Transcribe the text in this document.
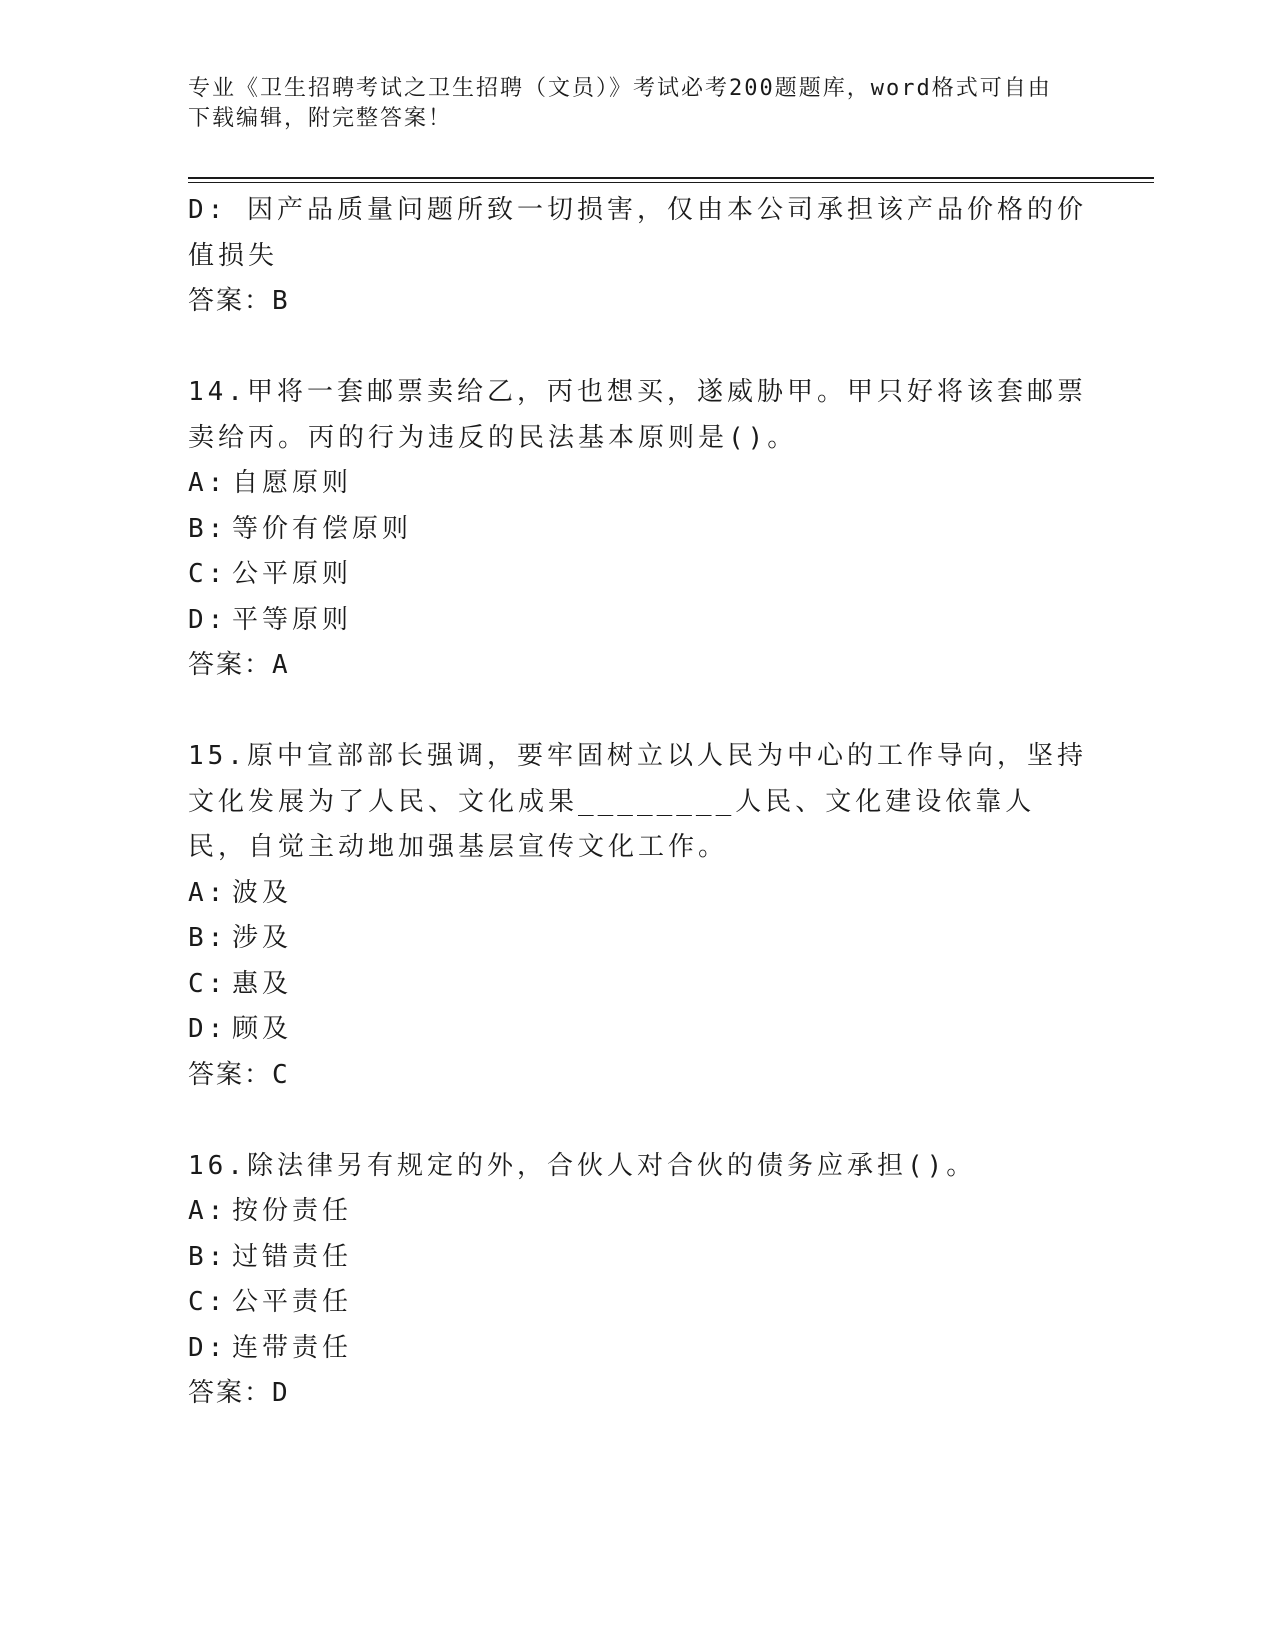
专业《卫生招聘考试之卫生招聘（文员）》考试必考200题题库，word格式可自由下载编辑，附完整答案！

D: 因产品质量问题所致一切损害，仅由本公司承担该产品价格的价值损失

答案：B

14.甲将一套邮票卖给乙，丙也想买，遂威胁甲。甲只好将该套邮票卖给丙。丙的行为违反的民法基本原则是()。

A: 自愿原则

B: 等价有偿原则

C: 公平原则

D: 平等原则

答案：A

15.原中宣部部长强调，要牢固树立以人民为中心的工作导向，坚持文化发展为了人民、文化成果________人民、文化建设依靠人民，自觉主动地加强基层宣传文化工作。

A: 波及

B: 涉及

C: 惠及

D: 顾及

答案：C

16.除法律另有规定的外，合伙人对合伙的债务应承担()。

A: 按份责任

B: 过错责任

C: 公平责任

D: 连带责任

答案：D
